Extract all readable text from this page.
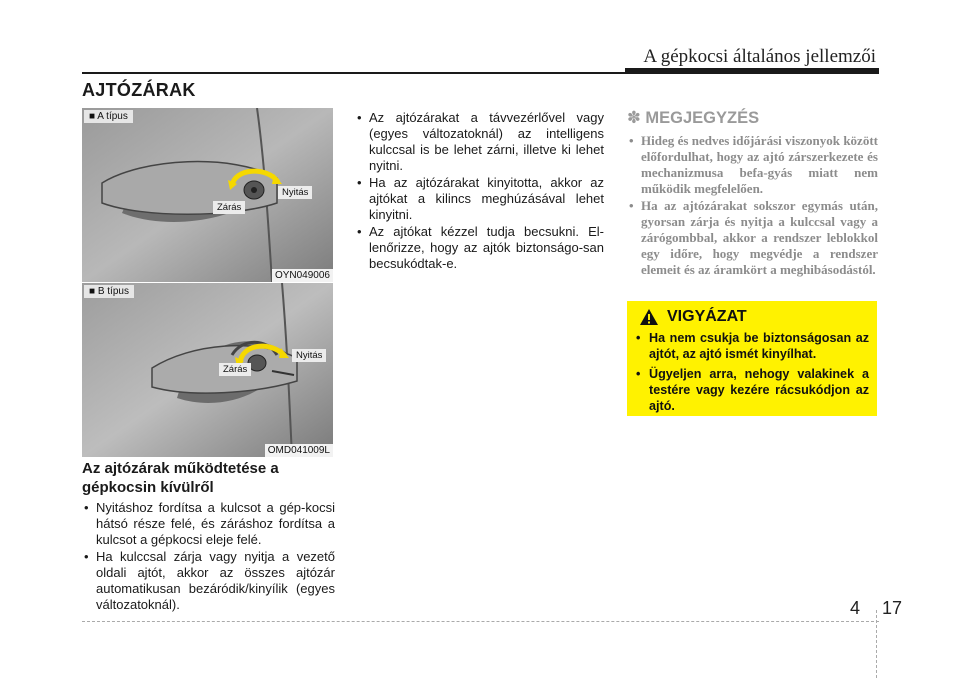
A gépkocsi általános jellemzői
AJTÓZÁRAK
■ A típus
Zárás
Nyitás
OYN049006
■ B típus
Zárás
Nyitás
OMD041009L
Az ajtózárak működtetése a gépkocsin kívülről
• Nyitáshoz fordítsa a kulcsot a gép-kocsi hátsó része felé, és záráshoz fordítsa a kulcsot a gépkocsi eleje felé.
• Ha kulccsal zárja vagy nyitja a vezető oldali ajtót, akkor az összes ajtózár automatikusan bezáródik/kinyílik (egyes változatoknál).
• Az ajtózárakat a távvezérlővel vagy (egyes változatoknál) az intelligens kulccsal is be lehet zárni, illetve ki lehet nyitni.
• Ha az ajtózárakat kinyitotta, akkor az ajtókat a kilincs meghúzásával lehet kinyitni.
• Az ajtókat kézzel tudja becsukni. El-lenőrizze, hogy az ajtók biztonságo-san becsukódtak-e.
✽ MEGJEGYZÉS
• Hideg és nedves időjárási viszonyok között előfordulhat, hogy az ajtó zárszerkezete és mechanizmusa befa-gyás miatt nem működik megfelelően.
• Ha az ajtózárakat sokszor egymás után, gyorsan zárja és nyitja a kulccsal vagy a zárógombbal, akkor a rendszer leblokkol egy időre, hogy megvédje a rendszer elemeit és az áramkört a meghibásodástól.
VIGYÁZAT
• Ha nem csukja be biztonságosan az ajtót, az ajtó ismét kinyílhat.
• Ügyeljen arra, nehogy valakinek a testére vagy kezére rácsukódjon az ajtó.
4 17
